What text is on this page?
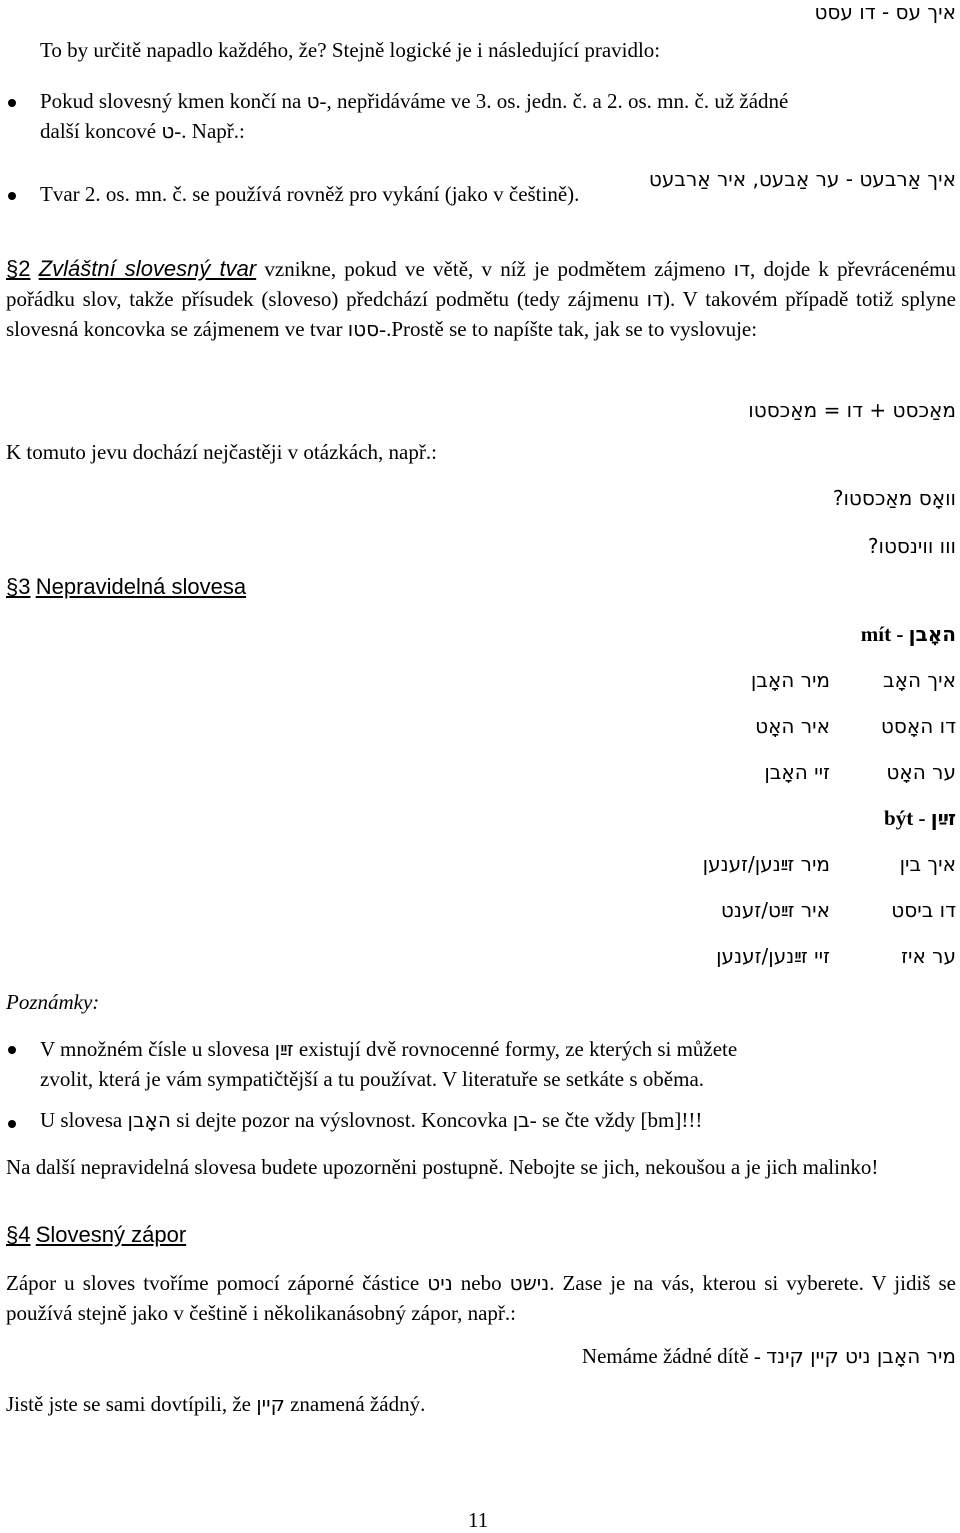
איך עס - דו עסט
To by určitě napadlo každého, že? Stejně logické je i následující pravidlo:
Pokud slovesný kmen končí na ט-, nepřidáváme ve 3. os. jedn. č. a 2. os. mn. č. už žádné
další koncové ט-. Např.:
איך אַרבעט - ער אַבעט, איר אַרבעט
Tvar 2. os. mn. č. se používá rovněž pro vykání (jako v češtině).
§2 Zvláštní slovesný tvar vznikne, pokud ve větě, v níž je podmětem zájmeno דו, dojde k převrácenému pořádku slov, takže přísudek (sloveso) předchází podmětu (tedy zájmenu דו). V takovém případě totiž splyne slovesná koncovka se zájmenem ve tvar סטו-.Prostě se to napíšte tak, jak se to vyslovuje:
מאַכסט + דו = מאַכסטו
K tomuto jevu dochází nejčastěji v otázkách, např.:
וואָס מאַכסטו?
ווו ווינסטו?
§3 Nepravidelná slovesa
mít - האָבן
איך האָב
מיר האָבן
דו האָסט
איר האָט
ער האָט
זיי האָבן
být - זײַן
איך בין
מיר זײַנען/זענען
דו ביסט
איר זײַט/זענט
ער איז
זיי זײַנען/זענען
Poznámky:
V množném čísle u slovesa זײַן existují dvě rovnocenné formy, ze kterých si můžete
zvolit, která je vám sympatičtější a tu používat. V literatuře se setkáte s oběma.
U slovesa האָבן si dejte pozor na výslovnost. Koncovka בן- se čte vždy [bm]!!!
Na další nepravidelná slovesa budete upozorněni postupně. Nebojte se jich, nekoušou a je jich malinko!
§4 Slovesný zápor
Zápor u sloves tvoříme pomocí záporné částice ניט nebo נישט. Zase je na vás, kterou si vyberete. V jidiš se používá stejně jako v češtině i několikanásobný zápor, např.:
Nemáme žádné dítě - מיר האָבן ניט קיין קינד
Jistě jste se sami dovtípili, že קיין znamená žádný.
11
